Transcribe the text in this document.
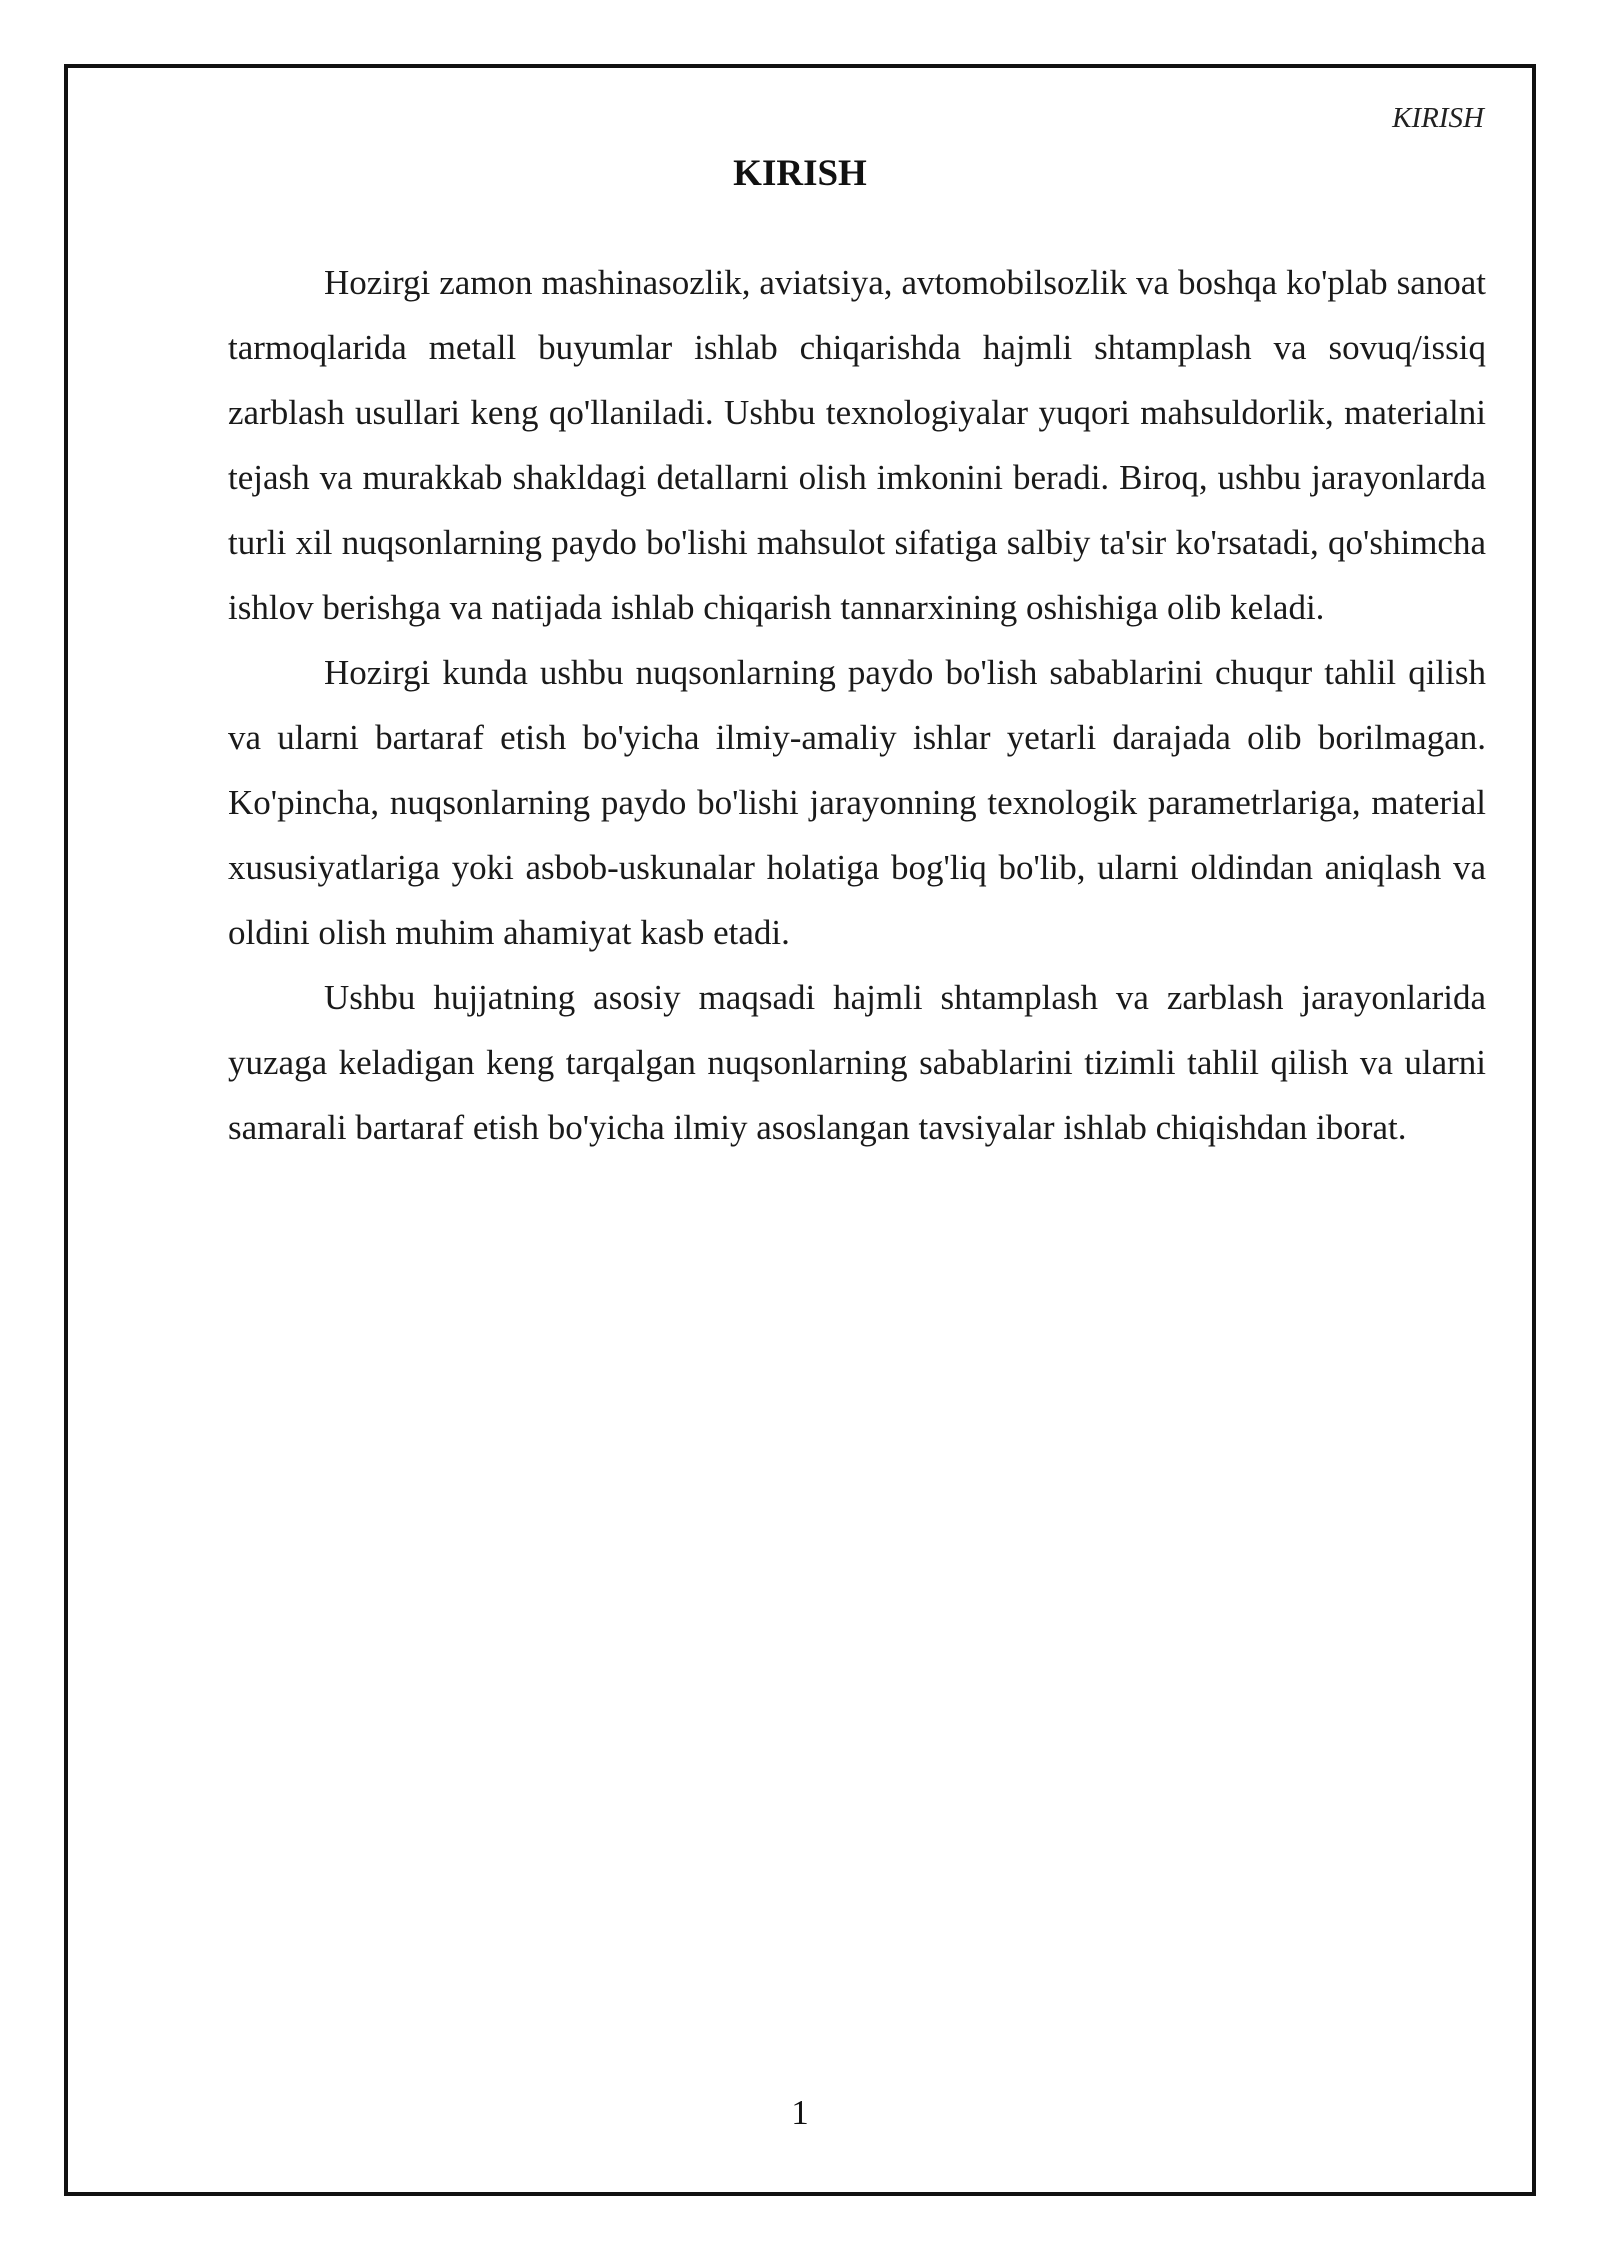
KIRISH

KIRISH

Hozirgi zamon mashinasozlik, aviatsiya, avtomobilsozlik va boshqa ko'plab sanoat tarmoqlarida metall buyumlar ishlab chiqarishda hajmli shtamplash va sovuq/issiq zarblash usullari keng qo'llaniladi. Ushbu texnologiyalar yuqori mahsuldorlik, materialni tejash va murakkab shakldagi detallarni olish imkonini beradi. Biroq, ushbu jarayonlarda turli xil nuqsonlarning paydo bo'lishi mahsulot sifatiga salbiy ta'sir ko'rsatadi, qo'shimcha ishlov berishga va natijada ishlab chiqarish tannarxining oshishiga olib keladi.

Hozirgi kunda ushbu nuqsonlarning paydo bo'lish sabablarini chuqur tahlil qilish va ularni bartaraf etish bo'yicha ilmiy-amaliy ishlar yetarli darajada olib borilmagan. Ko'pincha, nuqsonlarning paydo bo'lishi jarayonning texnologik parametrlariga, material xususiyatlariga yoki asbob-uskunalar holatiga bog'liq bo'lib, ularni oldindan aniqlash va oldini olish muhim ahamiyat kasb etadi.

Ushbu hujjatning asosiy maqsadi hajmli shtamplash va zarblash jarayonlarida yuzaga keladigan keng tarqalgan nuqsonlarning sabablarini tizimli tahlil qilish va ularni samarali bartaraf etish bo'yicha ilmiy asoslangan tavsiyalar ishlab chiqishdan iborat.

1
